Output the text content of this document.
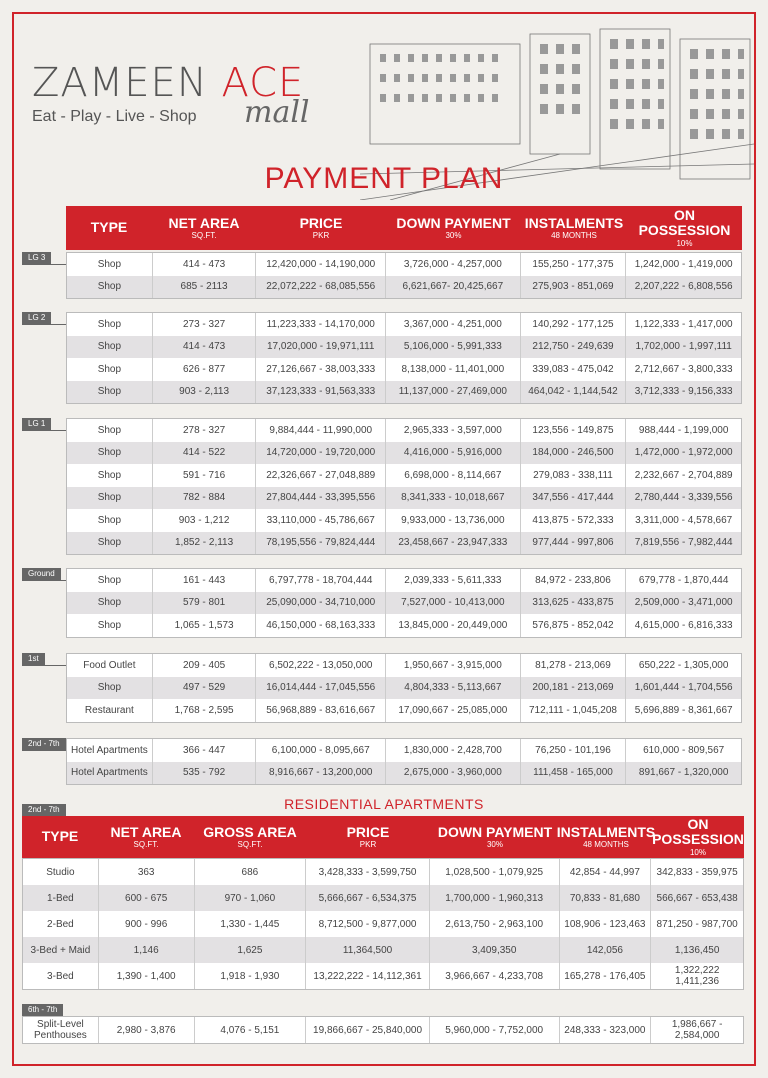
ZAMEEN ACE
mall
Eat - Play - Live - Shop
PAYMENT PLAN
TYPE	NET AREA
SQ.FT.
PRICE
PKR
DOWN PAYMENT
30%
INSTALMENTS
48 MONTHS
ON POSSESSION
10%
LG 3
Shop	414 - 473	12,420,000 - 14,190,000	3,726,000 - 4,257,000	155,250 - 177,375	1,242,000 - 1,419,000
Shop	685 - 2113	22,072,222 - 68,085,556	6,621,667- 20,425,667	275,903 - 851,069	2,207,222 - 6,808,556
LG 2
Shop	273 - 327	11,223,333 - 14,170,000	3,367,000 - 4,251,000	140,292 - 177,125	1,122,333 - 1,417,000
Shop	414 - 473	17,020,000 - 19,971,111	5,106,000 - 5,991,333	212,750 - 249,639	1,702,000 - 1,997,111
Shop	626 - 877	27,126,667 - 38,003,333	8,138,000 - 11,401,000	339,083 - 475,042	2,712,667 - 3,800,333
Shop	903 - 2,113	37,123,333 - 91,563,333	11,137,000 - 27,469,000	464,042 - 1,144,542	3,712,333 - 9,156,333
LG 1
Shop	278 - 327	9,884,444 - 11,990,000	2,965,333 - 3,597,000	123,556 - 149,875	988,444 - 1,199,000
Shop	414 - 522	14,720,000 - 19,720,000	4,416,000 - 5,916,000	184,000 - 246,500	1,472,000 - 1,972,000
Shop	591 - 716	22,326,667 - 27,048,889	6,698,000 - 8,114,667	279,083 - 338,111	2,232,667 - 2,704,889
Shop	782 - 884	27,804,444 - 33,395,556	8,341,333 - 10,018,667	347,556 - 417,444	2,780,444 - 3,339,556
Shop	903 - 1,212	33,110,000 - 45,786,667	9,933,000 - 13,736,000	413,875 - 572,333	3,311,000 - 4,578,667
Shop	1,852 - 2,113	78,195,556 - 79,824,444	23,458,667 - 23,947,333	977,444 - 997,806	7,819,556 - 7,982,444
Ground
Shop	161 - 443	6,797,778 - 18,704,444	2,039,333 - 5,611,333	84,972 - 233,806	679,778 - 1,870,444
Shop	579 - 801	25,090,000 - 34,710,000	7,527,000 - 10,413,000	313,625 - 433,875	2,509,000 - 3,471,000
Shop	1,065 - 1,573	46,150,000 - 68,163,333	13,845,000 - 20,449,000	576,875 - 852,042	4,615,000 - 6,816,333
1st
Food Outlet	209 - 405	6,502,222 - 13,050,000	1,950,667 - 3,915,000	81,278 - 213,069	650,222 - 1,305,000
Shop	497 - 529	16,014,444 - 17,045,556	4,804,333 - 5,113,667	200,181 - 213,069	1,601,444 - 1,704,556
Restaurant	1,768 - 2,595	56,968,889 - 83,616,667	17,090,667 - 25,085,000	712,111 - 1,045,208	5,696,889 - 8,361,667
2nd - 7th
Hotel Apartments	366 - 447	6,100,000 - 8,095,667	1,830,000 - 2,428,700	76,250 - 101,196	610,000 - 809,567
Hotel Apartments	535 - 792	8,916,667 - 13,200,000	2,675,000 - 3,960,000	111,458 - 165,000	891,667 - 1,320,000
RESIDENTIAL APARTMENTS
2nd - 7th
TYPE NET AREA
SQ.FT.
GROSS AREA
SQ.FT.
PRICE
PKR
DOWN PAYMENT
30%
INSTALMENTS
48 MONTHS
ON POSSESSION
10%
Studio	363	686	3,428,333 - 3,599,750	1,028,500 - 1,079,925	42,854 - 44,997	342,833 - 359,975
1-Bed	600 - 675	970 - 1,060	5,666,667 - 6,534,375	1,700,000 - 1,960,313	70,833 - 81,680	566,667 - 653,438
2-Bed	900 - 996	1,330 - 1,445	8,712,500 - 9,877,000	2,613,750 - 2,963,100	108,906 - 123,463	871,250 - 987,700
3-Bed + Maid	1,146	1,625	11,364,500	3,409,350	142,056	1,136,450
3-Bed	1,390 - 1,400	1,918 - 1,930	13,222,222 - 14,112,361	3,966,667 - 4,233,708	165,278 - 176,405	1,322,222 1,411,236
6th - 7th
Split-Level Penthouses	2,980 - 3,876	4,076 - 5,151	19,866,667 - 25,840,000	5,960,000 - 7,752,000	248,333 - 323,000	1,986,667 - 2,584,000
